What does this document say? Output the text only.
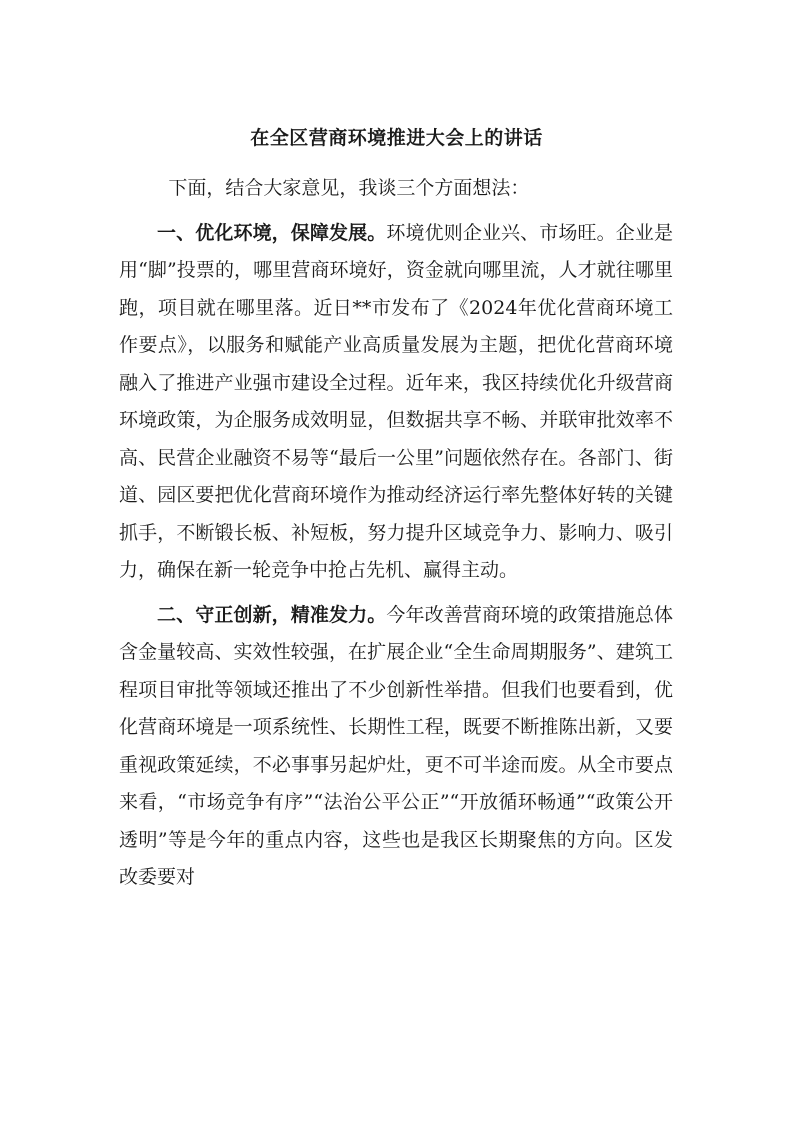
在全区营商环境推进大会上的讲话

下面，结合大家意见，我谈三个方面想法：

一、优化环境，保障发展。环境优则企业兴、市场旺。企业是用“脚”投票的，哪里营商环境好，资金就向哪里流，人才就往哪里跑，项目就在哪里落。近日**市发布了《2024年优化营商环境工作要点》，以服务和赋能产业高质量发展为主题，把优化营商环境融入了推进产业强市建设全过程。近年来，我区持续优化升级营商环境政策，为企服务成效明显，但数据共享不畅、并联审批效率不高、民营企业融资不易等“最后一公里”问题依然存在。各部门、街道、园区要把优化营商环境作为推动经济运行率先整体好转的关键抓手，不断锻长板、补短板，努力提升区域竞争力、影响力、吸引力，确保在新一轮竞争中抢占先机、赢得主动。

二、守正创新，精准发力。今年改善营商环境的政策措施总体含金量较高、实效性较强，在扩展企业“全生命周期服务”、建筑工程项目审批等领域还推出了不少创新性举措。但我们也要看到，优化营商环境是一项系统性、长期性工程，既要不断推陈出新，又要重视政策延续，不必事事另起炉灶，更不可半途而废。从全市要点来看，“市场竞争有序”“法治公平公正”“开放循环畅通”“政策公开透明”等是今年的重点内容，这些也是我区长期聚焦的方向。区发改委要对
